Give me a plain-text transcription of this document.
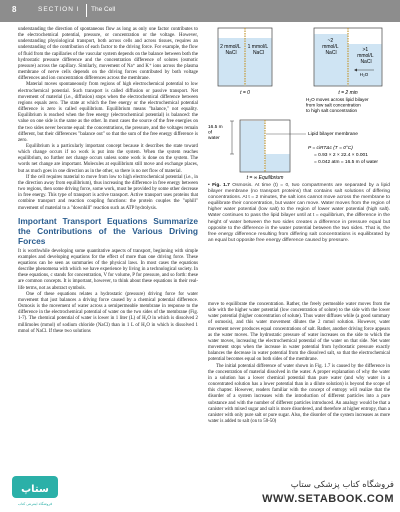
8	SECTION I The Cell

understanding the direction of spontaneous flow as long as only one factor contributes to the electrochemical potential, pressure, or concentration or the voltage. However, understanding physiological transport, both across cells and across tissues, requires an understanding of the contribution of each factor to the driving force. For example, the flow of fluid from the capillaries of the vascular system depends on the balance between both the hydrostatic pressure difference and the concentration difference of solutes (osmotic pressure) across the capillary. Similarly, movement of Na⁺ and K⁺ ions across the plasma membrane of nerve cells depends on the driving forces contributed by both voltage differences and ion concentration differences across the membrane.

Material moves spontaneously from regions of high electrochemical potential to low electrochemical potential. Such transport is called diffusion or passive transport. Net movement of material (i.e., diffusion) stops when the electrochemical difference between regions equals zero. The state at which the free energy or the electrochemical potential difference is zero is called equilibrium. Equilibrium means "balance," not equality. Equilibrium is reached when the free energy (electrochemical potential) is balanced: the value on one side is the same as the other. In most cases the source of the free energies on the two sides never become equal: the concentrations, the pressure, and the voltages remain different, but their differences "balance out" so that the sum of the free energy difference is zero.

Equilibrium is a particularly important concept because it describes the state toward which change occurs if no work is put into the system. When the system reaches equilibrium, no further net change occurs unless some work is done on the system. The words net change are important. Molecules at equilibrium still move and exchange places, but as much goes in one direction as in the other, so there is no net flow of material.

If the cell requires material to move from low to high electrochemical potential (i.e., in the direction away from equilibrium), thus increasing the difference in free energy between two regions, then some driving force, some work, must be provided by some other decrease in free energy. This type of transport is active transport. Active transport uses proteins that combine transport and reaction coupling functions: the protein couples the "uphill" movement of material to a "downhill" reaction such as ATP hydrolysis.

Important Transport Equations Summarize the Contributions of the Various Driving Forces

It is worthwhile developing some quantitative aspects of transport, beginning with simple examples and developing equations for the effect of more than one driving force. These equations can be seen as summaries of the physical laws. In most cases the equations describe phenomena with which we have experience by living in a technological society. In these equations, c stands for concentration, V for volume, P for pressure, and so forth: these are common concepts. It is important, however, to think about these equations in their real-life terms, not as abstract symbols.

One of these equations relates a hydrostatic (pressure) driving force for water movement that just balances a driving force caused by a chemical potential difference. Osmosis is the movement of water across a semipermeable membrane in response to the difference in the electrochemical potential of water on the two sides of the membrane (Fig. 1-7). The chemical potential of water is lower in 1 liter (L) of H₂O in which is dissolved 2 millimoles (mmol) of sodium chloride (NaCl) than in 1 L of H₂O in which is dissolved 1 mmol of NaCl. If these two solutions

2 mmol/L NaCl
1 mmol/L NaCl
t = 0
~2 mmol/L NaCl	>1 mmol/L NaCl
H₂O
t = 2 min
H₂O moves across lipid bilayer from low salt concentration to high salt concentration
16.5 m of water
Lipid bilayer membrane
P = ciRTΔc (T = 0°C)
= 0.93 × 2 × 22.4 × 0.001
= 0.042 atm = 16.5 m of water
t = ∞ Equilibrium
• Fig. 1.7 Osmosis. At time (t) = 0, two compartments are separated by a lipid bilayer membrane (no transport proteins) that contains salt solutions of differing concentrations. At t = 2 minutes, the salt ions cannot move across the membrane to equilibrate their concentration, but water can move. Water moves from the region of higher water potential (low salt) to the region of lower water potential (high salt). Water continues to pass the lipid bilayer until at t = equilibrium, the difference in the height of water between the two sides creates a difference in pressure equal but opposite to the difference in the water potential between the two sides. That is, the free energy difference resulting from differing salt concentrations is equilibrated by an equal but opposite free energy difference caused by pressure.

move to equilibrate the concentration. Rather, the freely permeable water moves from the side with the higher water potential (low concentration of solute) to the side with the lower water potential (higher concentration of solute). Thus water diffuses while (a good summary of osmosis), and this water movement dilutes the 2 mmol solution. However, water movement never produces equal concentrations of salt. Rather, another driving force appears as the water moves. The hydrostatic pressure of water increases on the side to which the water moves, increasing the electrochemical potential of the water on that side. Net water movement stops when the increase in water potential from hydrostatic pressure exactly balances the decrease in water potential from the dissolved salt, so that the electrochemical potential becomes equal on both sides of the membrane.

The initial potential difference of water shown in Fig. 1.7 is caused by the difference in the concentration of material dissolved in the water. A proper explanation of why the water in a solution has a lower chemical potential than pure water (and why water in a concentrated solution has a lower potential than in a dilute solution) is beyond the scope of this chapter. However, readers familiar with the concept of entropy will realize that the disorder of a system increases with the introduction of different particles into a pure substance and with the number of different particles introduced. An analogy would be that a canister with mixed sugar and salt is more disordered, and therefore at higher entropy, than a canister with only pure salt or pure sugar. Also, the disorder of the system increases as more water is added to salt (on to 50-50)

ستاپ
فروشگاه اینترنتی کتاب
فروشگاه کتاب پزشکی ستاپ
WWW.SETABOOK.COM
